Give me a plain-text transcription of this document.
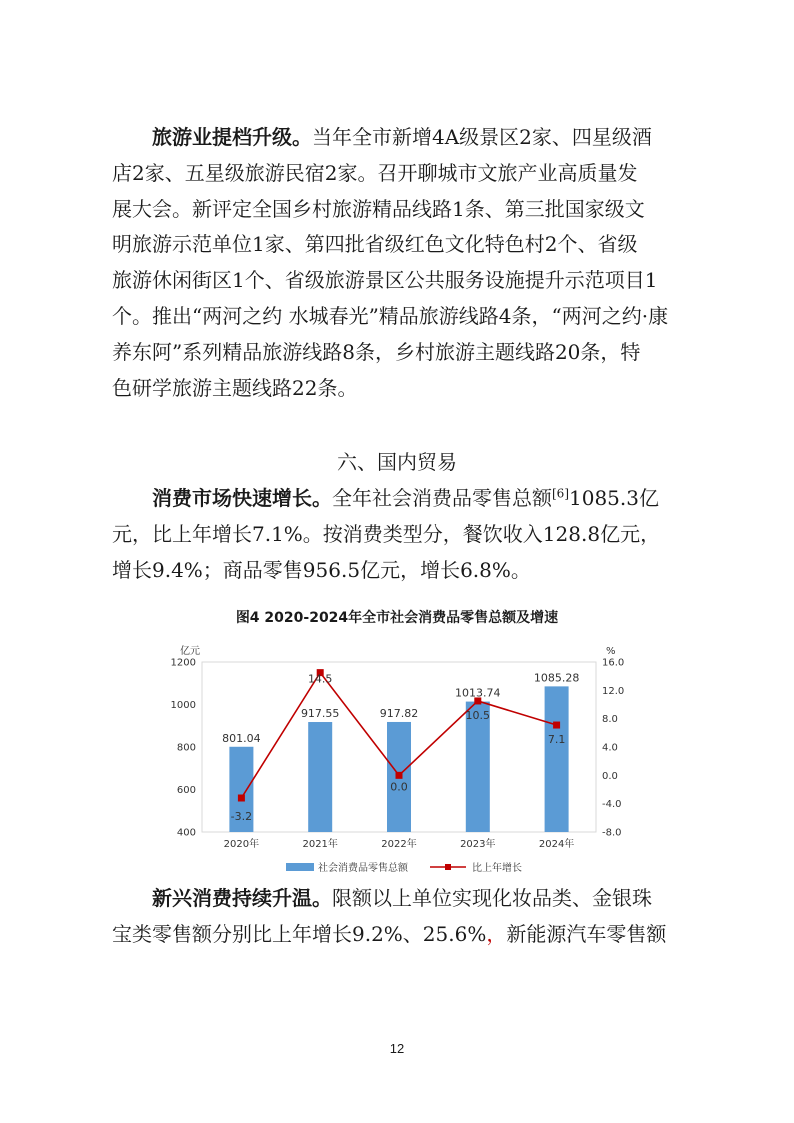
旅游业提档升级。当年全市新增4A级景区2家、四星级酒
店2家、五星级旅游民宿2家。召开聊城市文旅产业高质量发
展大会。新评定全国乡村旅游精品线路1条、第三批国家级文
明旅游示范单位1家、第四批省级红色文化特色村2个、省级
旅游休闲街区1个、省级旅游景区公共服务设施提升示范项目1
个。推出“两河之约 水城春光”精品旅游线路4条，“两河之约·康
养东阿”系列精品旅游线路8条，乡村旅游主题线路20条，特
色研学旅游主题线路22条。
六、国内贸易
消费市场快速增长。全年社会消费品零售总额[6]1085.3亿
元，比上年增长7.1%。按消费类型分，餐饮收入128.8亿元，
增长9.4%；商品零售956.5亿元，增长6.8%。
图4 2020-2024年全市社会消费品零售总额及增速
亿元	%
400
600
800
1000
1200
-8.0
-4.0
0.0
4.0
8.0
12.0
16.0
801.04
917.55	917.82
1013.74
1085.28
-3.2
14.5
0.0
10.5
7.1
2020年	2021年	2022年	2023年	2024年
社会消费品零售总额	比上年增长
新兴消费持续升温。限额以上单位实现化妆品类、金银珠
宝类零售额分别比上年增长9.2%、25.6%，新能源汽车零售额
12
